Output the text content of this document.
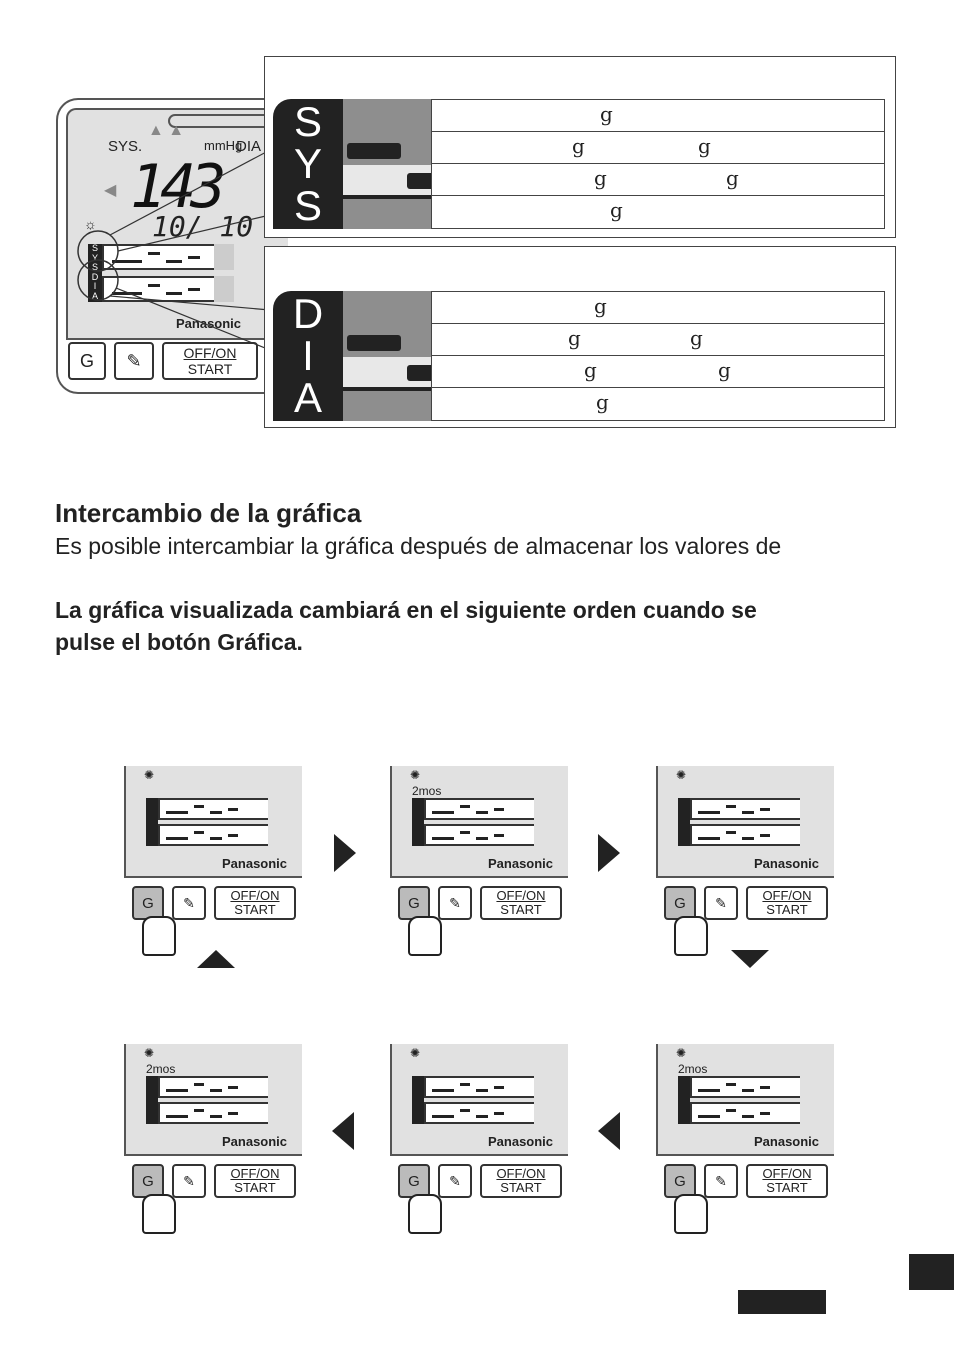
SYS.	mmHg
DIA
▲ ▲
◀ 143
☼ 10/ 10
S
Y
S
D
I
A
Panasonic
G	✎	OFF/ON
START
S
Y
S
g
g	g
g	g
g
D
I
A
g
g	g
g	g
g
Intercambio de la gráfica
Es posible intercambiar la gráfica después de almacenar los valores de
La gráfica visualizada cambiará en el siguiente orden cuando se
pulse el botón Gráfica.
✺
Panasonic
G	✎	OFF/ON
START
✺
2mos
Panasonic
G	✎	OFF/ON
START
✺
Panasonic
G	✎	OFF/ON
START
✺
2mos
Panasonic
G	✎	OFF/ON
START
✺
Panasonic
G	✎	OFF/ON
START
✺
2mos
Panasonic
G	✎	OFF/ON
START
